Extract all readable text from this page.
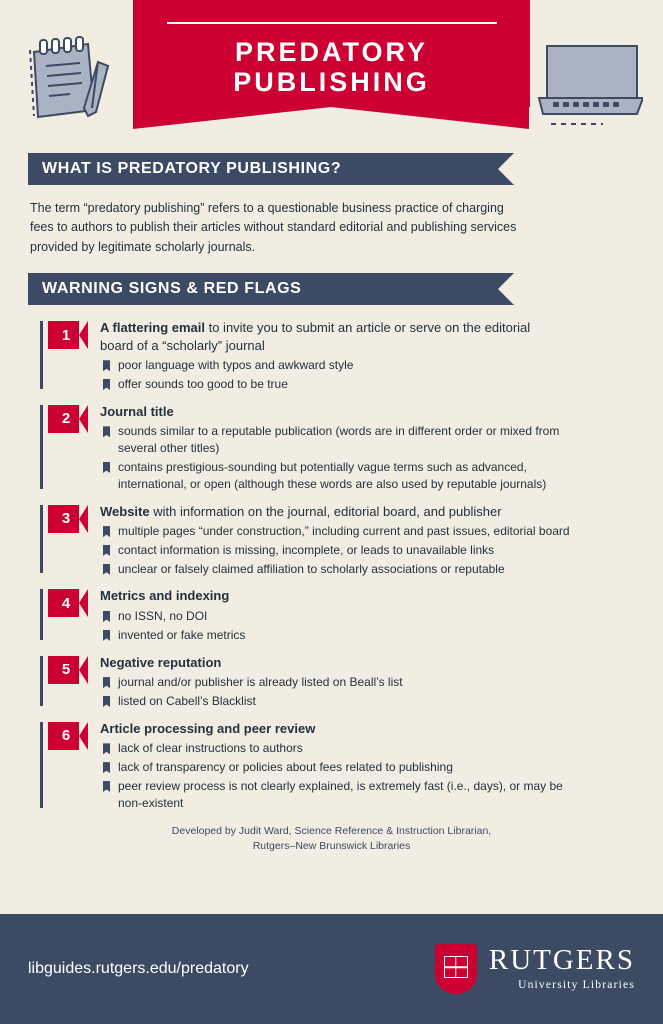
PREDATORY PUBLISHING
WHAT IS PREDATORY PUBLISHING?
The term “predatory publishing” refers to a questionable business practice of charging fees to authors to publish their articles without standard editorial and publishing services provided by legitimate scholarly journals.
WARNING SIGNS & RED FLAGS
1	A flattering email to invite you to submit an article or serve on the editorial board of a “scholarly” journal
poor language with typos and awkward style
offer sounds too good to be true
2	Journal title
sounds similar to a reputable publication (words are in different order or mixed from several other titles)
contains prestigious-sounding but potentially vague terms such as advanced, international, or open (although these words are also used by reputable journals)
3	Website with information on the journal, editorial board, and publisher
multiple pages “under construction,” including current and past issues, editorial board
contact information is missing, incomplete, or leads to unavailable links
unclear or falsely claimed affiliation to scholarly associations or reputable
4	Metrics and indexing
no ISSN, no DOI
invented or fake metrics
5	Negative reputation
journal and/or publisher is already listed on Beall’s list
listed on Cabell’s Blacklist
6	Article processing and peer review
lack of clear instructions to authors
lack of transparency or policies about fees related to publishing
peer review process is not clearly explained, is extremely fast (i.e., days), or may be non-existent
Developed by Judit Ward, Science Reference & Instruction Librarian,
Rutgers–New Brunswick Libraries
libguides.rutgers.edu/predatory	RUTGERS
University Libraries
